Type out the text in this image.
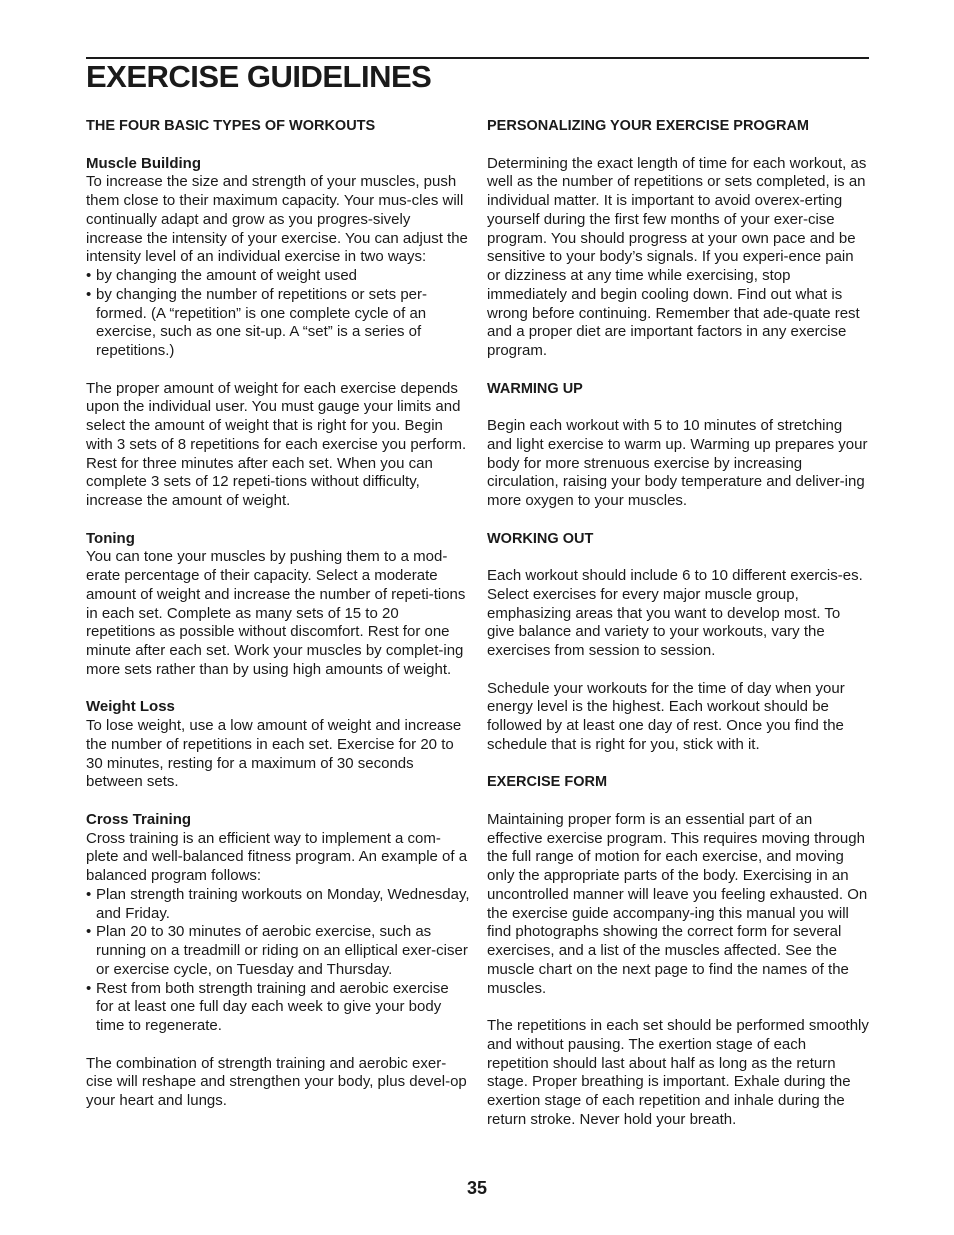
EXERCISE GUIDELINES

THE FOUR BASIC TYPES OF WORKOUTS

Muscle Building

To increase the size and strength of your muscles, push them close to their maximum capacity. Your mus-cles will continually adapt and grow as you progres-sively increase the intensity of your exercise. You can adjust the intensity level of an individual exercise in two ways:

• by changing the amount of weight used
• by changing the number of repetitions or sets per-formed. (A “repetition” is one complete cycle of an exercise, such as one sit-up. A “set” is a series of repetitions.)

The proper amount of weight for each exercise depends upon the individual user. You must gauge your limits and select the amount of weight that is right for you. Begin with 3 sets of 8 repetitions for each exercise you perform. Rest for three minutes after each set. When you can complete 3 sets of 12 repeti-tions without difficulty, increase the amount of weight.

Toning

You can tone your muscles by pushing them to a mod-erate percentage of their capacity. Select a moderate amount of weight and increase the number of repeti-tions in each set. Complete as many sets of 15 to 20 repetitions as possible without discomfort. Rest for one minute after each set. Work your muscles by complet-ing more sets rather than by using high amounts of weight.

Weight Loss

To lose weight, use a low amount of weight and increase the number of repetitions in each set. Exercise for 20 to 30 minutes, resting for a maximum of 30 seconds between sets.

Cross Training

Cross training is an efficient way to implement a com-plete and well-balanced fitness program. An example of a balanced program follows:

• Plan strength training workouts on Monday, Wednesday, and Friday.
• Plan 20 to 30 minutes of aerobic exercise, such as running on a treadmill or riding on an elliptical exer-ciser or exercise cycle, on Tuesday and Thursday.
• Rest from both strength training and aerobic exercise for at least one full day each week to give your body time to regenerate.

The combination of strength training and aerobic exer-cise will reshape and strengthen your body, plus devel-op your heart and lungs.

PERSONALIZING YOUR EXERCISE PROGRAM

Determining the exact length of time for each workout, as well as the number of repetitions or sets completed, is an individual matter. It is important to avoid overex-erting yourself during the first few months of your exer-cise program. You should progress at your own pace and be sensitive to your body’s signals. If you experi-ence pain or dizziness at any time while exercising, stop immediately and begin cooling down. Find out what is wrong before continuing. Remember that ade-quate rest and a proper diet are important factors in any exercise program.

WARMING UP

Begin each workout with 5 to 10 minutes of stretching and light exercise to warm up. Warming up prepares your body for more strenuous exercise by increasing circulation, raising your body temperature and deliver-ing more oxygen to your muscles.

WORKING OUT

Each workout should include 6 to 10 different exercis-es. Select exercises for every major muscle group, emphasizing areas that you want to develop most. To give balance and variety to your workouts, vary the exercises from session to session.

Schedule your workouts for the time of day when your energy level is the highest. Each workout should be followed by at least one day of rest. Once you find the schedule that is right for you, stick with it.

EXERCISE FORM

Maintaining proper form is an essential part of an effective exercise program. This requires moving through the full range of motion for each exercise, and moving only the appropriate parts of the body. Exercising in an uncontrolled manner will leave you feeling exhausted. On the exercise guide accompany-ing this manual you will find photographs showing the correct form for several exercises, and a list of the muscles affected. See the muscle chart on the next page to find the names of the muscles.

The repetitions in each set should be performed smoothly and without pausing. The exertion stage of each repetition should last about half as long as the return stage. Proper breathing is important. Exhale during the exertion stage of each repetition and inhale during the return stroke. Never hold your breath.

35
